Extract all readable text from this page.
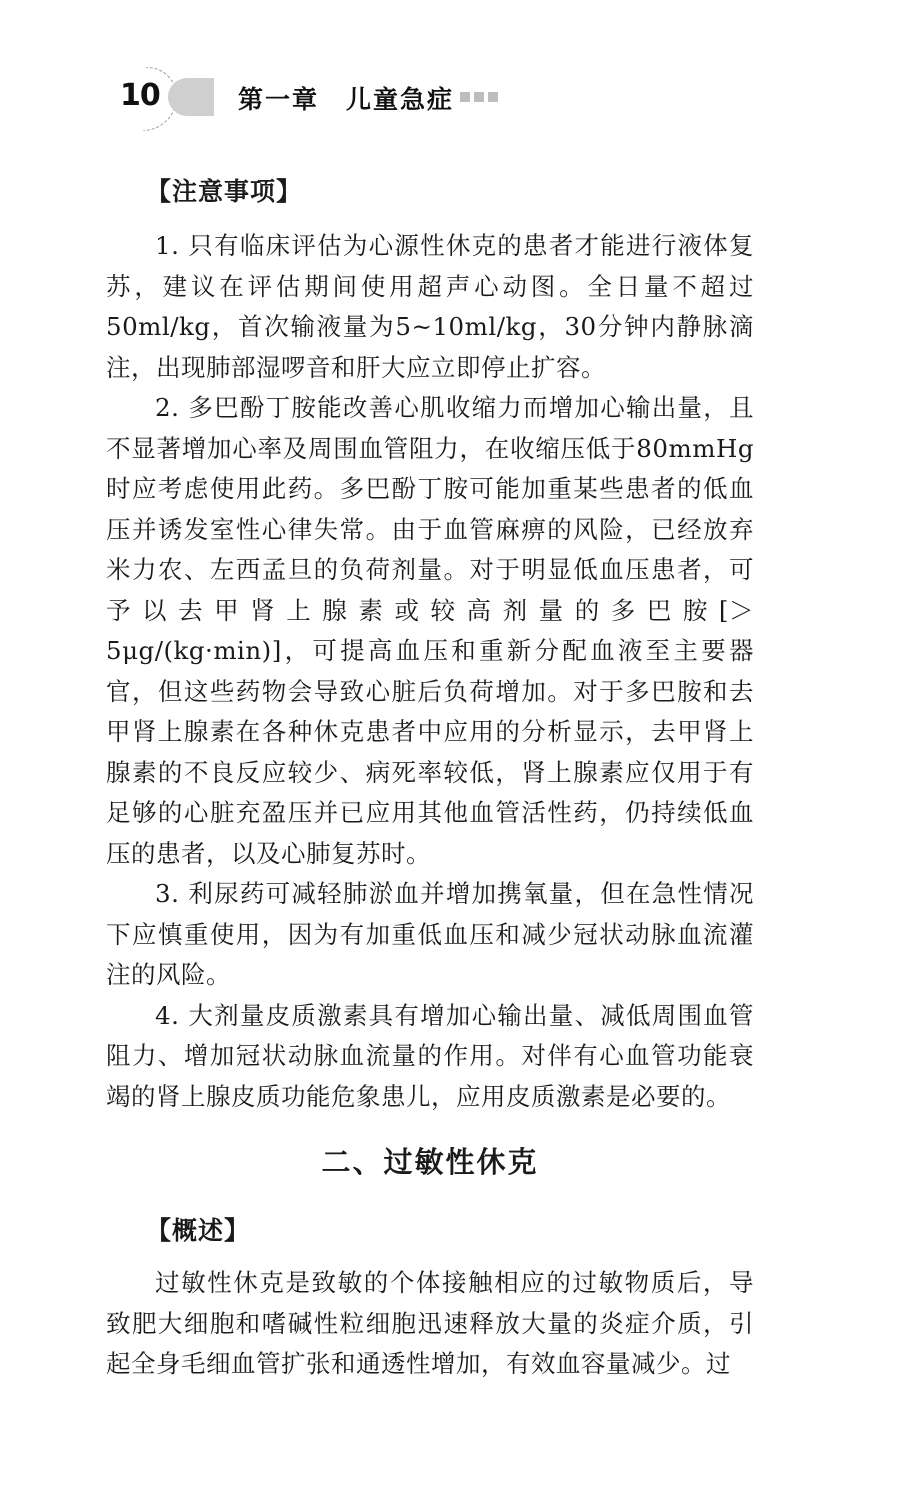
10	第一章　儿童急症
【注意事项】

1. 只有临床评估为心源性休克的患者才能进行液体复苏，建议在评估期间使用超声心动图。全日量不超过50ml/kg，首次输液量为5~10ml/kg，30分钟内静脉滴注，出现肺部湿啰音和肝大应立即停止扩容。

2. 多巴酚丁胺能改善心肌收缩力而增加心输出量，且不显著增加心率及周围血管阻力，在收缩压低于80mmHg时应考虑使用此药。多巴酚丁胺可能加重某些患者的低血压并诱发室性心律失常。由于血管麻痹的风险，已经放弃米力农、左西孟旦的负荷剂量。对于明显低血压患者，可予以去甲肾上腺素或较高剂量的多巴胺[＞5μg/(kg·min)]，可提高血压和重新分配血液至主要器官，但这些药物会导致心脏后负荷增加。对于多巴胺和去甲肾上腺素在各种休克患者中应用的分析显示，去甲肾上腺素的不良反应较少、病死率较低，肾上腺素应仅用于有足够的心脏充盈压并已应用其他血管活性药，仍持续低血压的患者，以及心肺复苏时。

3. 利尿药可减轻肺淤血并增加携氧量，但在急性情况下应慎重使用，因为有加重低血压和减少冠状动脉血流灌注的风险。

4. 大剂量皮质激素具有增加心输出量、减低周围血管阻力、增加冠状动脉血流量的作用。对伴有心血管功能衰竭的肾上腺皮质功能危象患儿，应用皮质激素是必要的。

二、过敏性休克
【概述】

过敏性休克是致敏的个体接触相应的过敏物质后，导致肥大细胞和嗜碱性粒细胞迅速释放大量的炎症介质，引起全身毛细血管扩张和通透性增加，有效血容量减少。过
